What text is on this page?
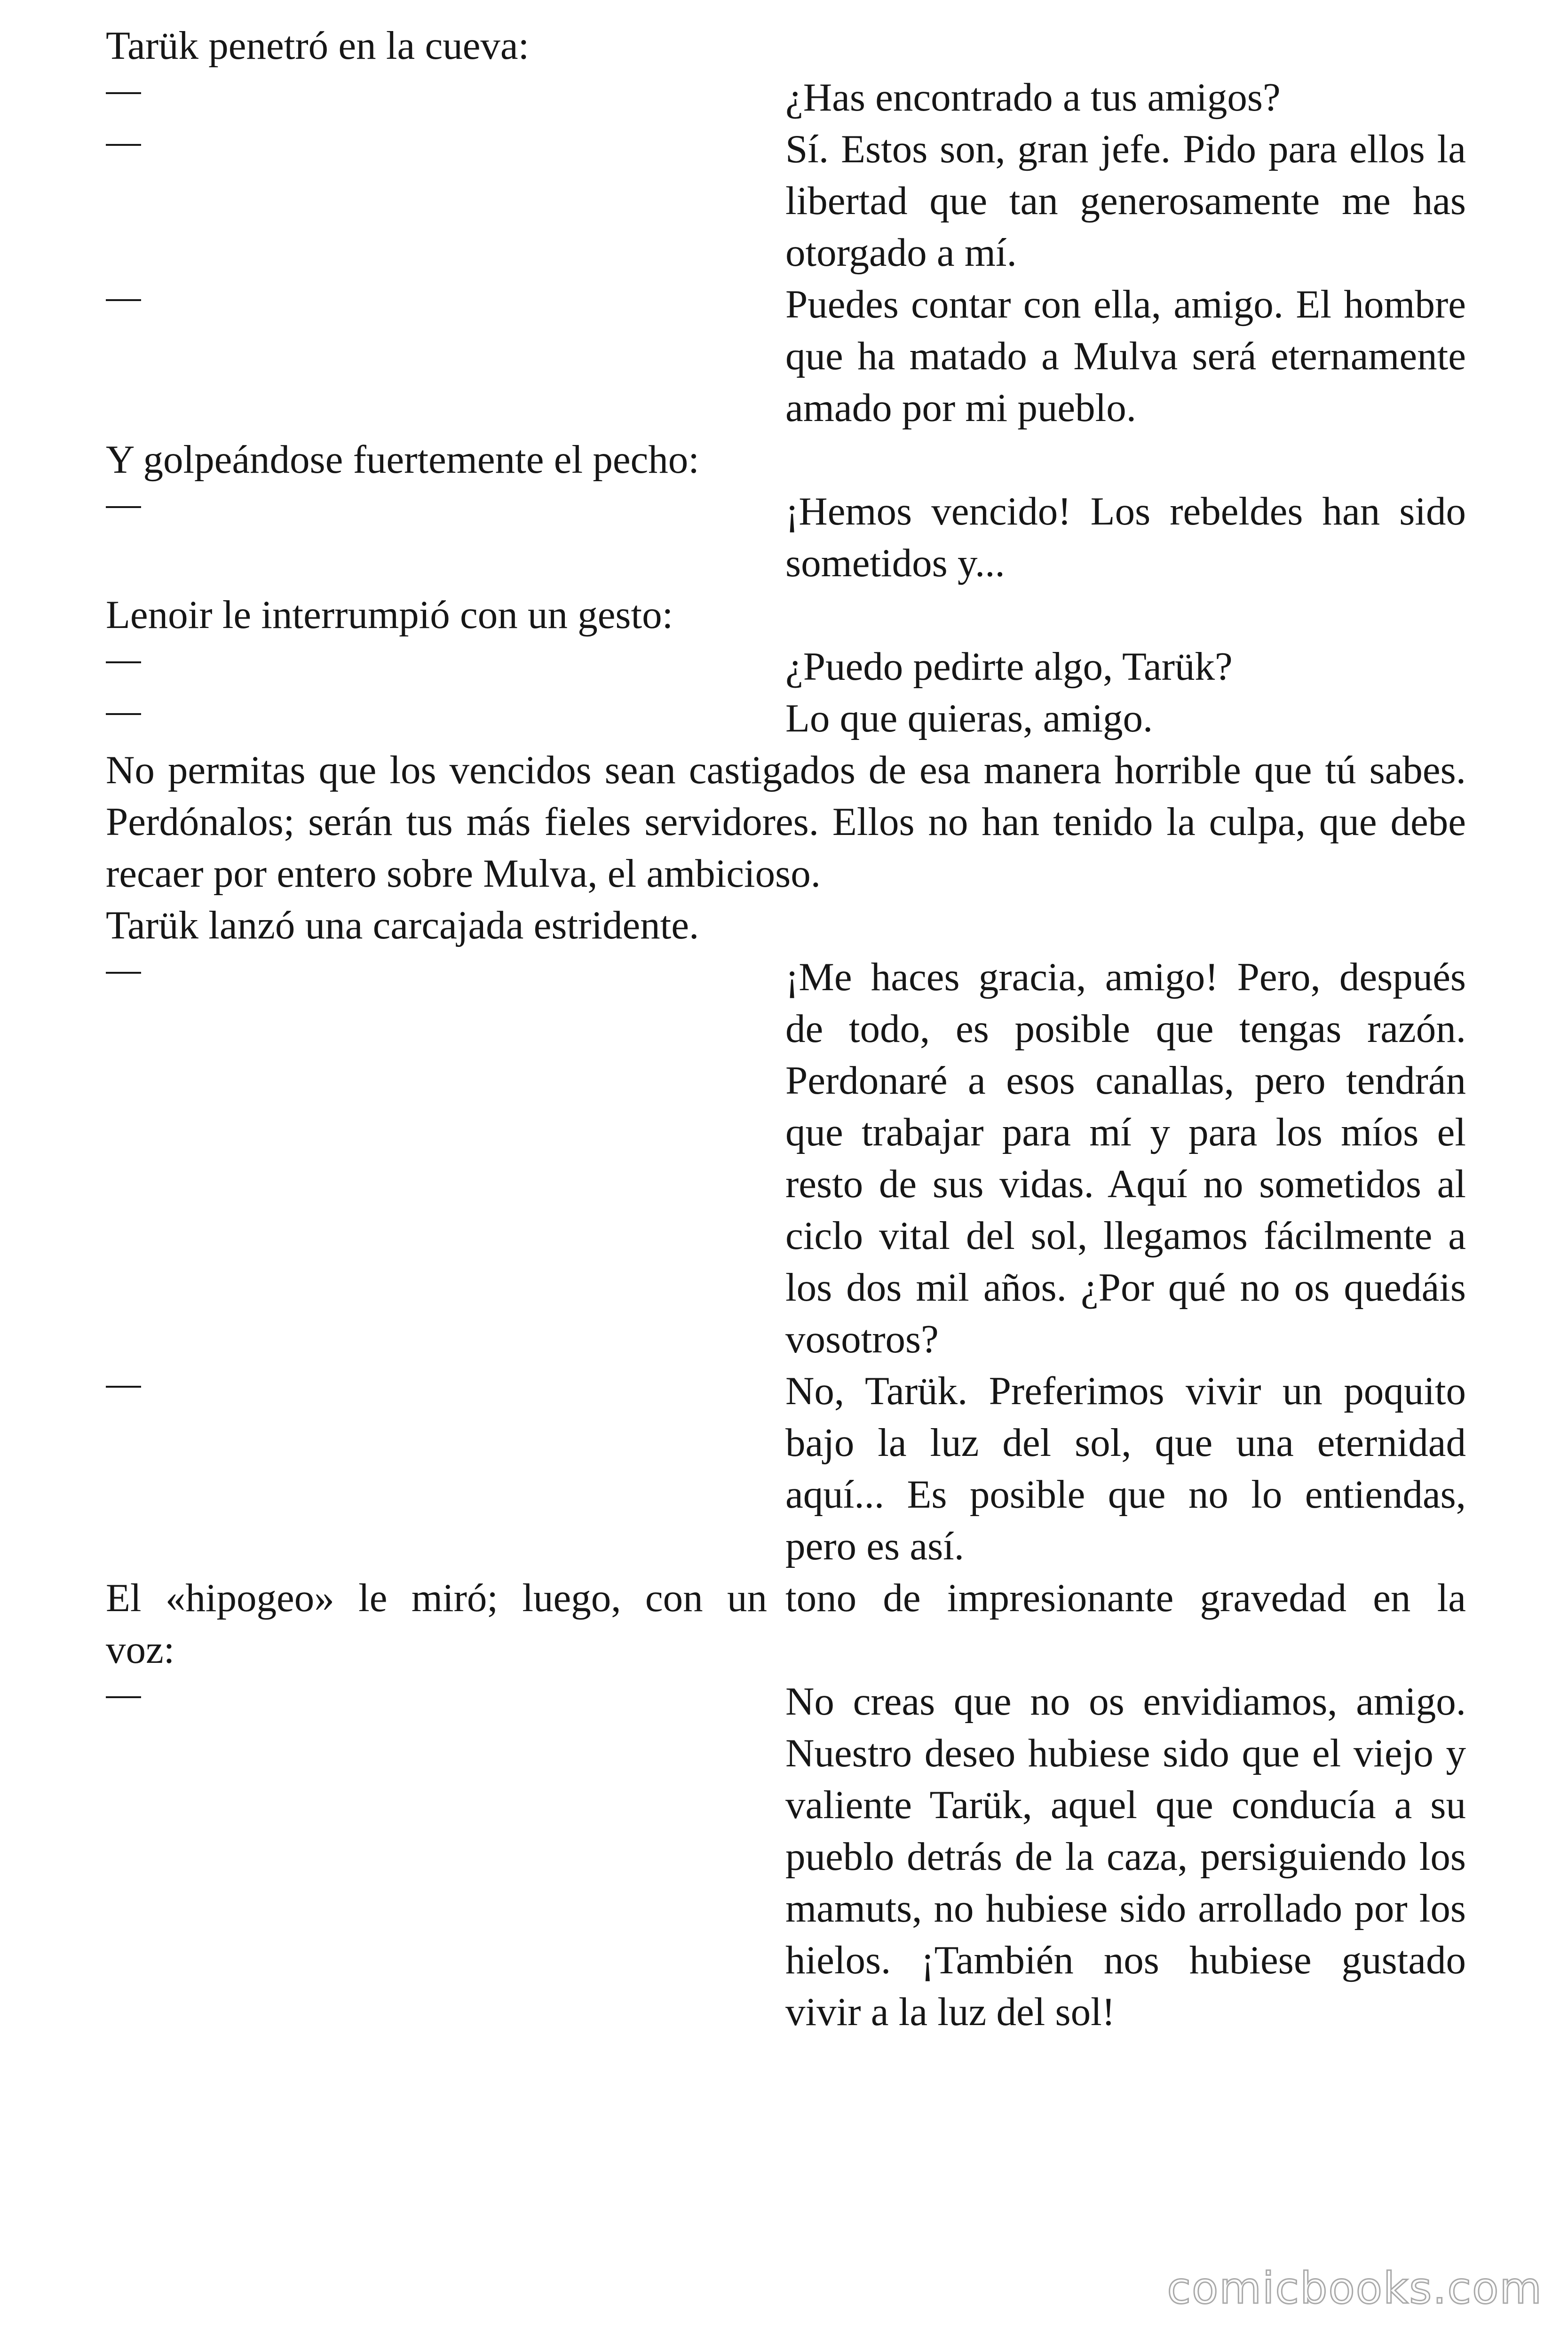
Tarük penetró en la cueva:
¿Has encontrado a tus amigos?
Sí. Estos son, gran jefe. Pido para ellos la libertad que tan generosamente me has otorgado a mí.
Puedes contar con ella, amigo. El hombre que ha matado a Mulva será eternamente amado por mi pueblo.
Y golpeándose fuertemente el pecho:
¡Hemos vencido! Los rebeldes han sido sometidos y...
Lenoir le interrumpió con un gesto:
¿Puedo pedirte algo, Tarük?
Lo que quieras, amigo.
No permitas que los vencidos sean castigados de esa manera horrible que tú sabes. Perdónalos; serán tus más fieles servidores. Ellos no han tenido la culpa, que debe recaer por entero sobre Mulva, el ambicioso.
Tarük lanzó una carcajada estridente.
¡Me haces gracia, amigo! Pero, después de todo, es posible que tengas razón. Perdonaré a esos canallas, pero tendrán que trabajar para mí y para los míos el resto de sus vidas. Aquí no sometidos al ciclo vital del sol, llegamos fácilmente a los dos mil años. ¿Por qué no os quedáis vosotros?
No, Tarük. Preferimos vivir un poquito bajo la luz del sol, que una eternidad aquí... Es posible que no lo entiendas, pero es así.
El «hipogeo» le miró; luego, con un tono de impresionante gravedad en la
voz:
No creas que no os envidiamos, amigo. Nuestro deseo hubiese sido que el viejo y valiente Tarük, aquel que conducía a su pueblo detrás de la caza, persiguiendo los mamuts, no hubiese sido arrollado por los hielos. ¡También nos hubiese gustado vivir a la luz del sol!
comicbooks.com
